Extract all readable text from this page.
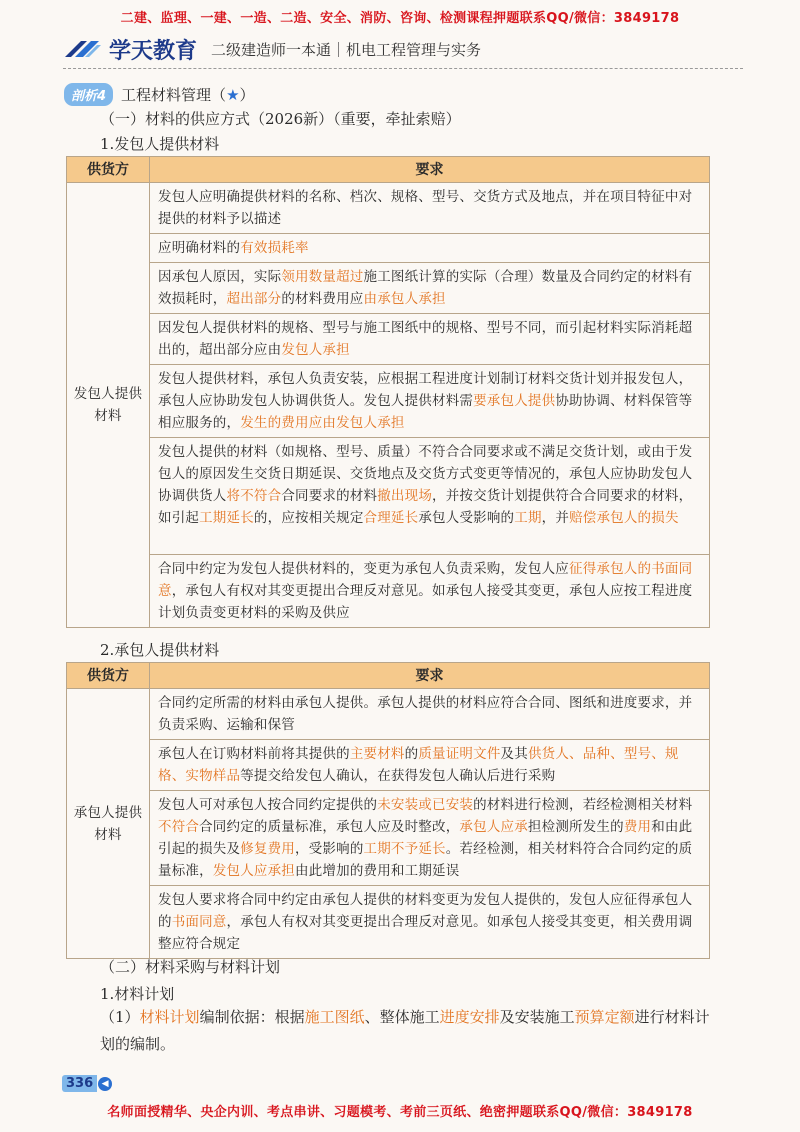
二建、监理、一建、一造、二造、安全、消防、咨询、检测课程押题联系QQ/微信：3849178
学天教育 二级建造师一本通｜机电工程管理与实务
剖析4	工程材料管理（ ★ ）
（一）材料的供应方式（2026新）（重要，牵扯索赔）
1.发包人提供材料
供货方	要求
发包人提供材料	发包人应明确提供材料的名称、档次、规格、型号、交货方式及地点，并在项目特征中对提供的材料予以描述
	应明确材料的有效损耗率
	因承包人原因，实际领用数量超过施工图纸计算的实际（合理）数量及合同约定的材料有效损耗时，超出部分的材料费用应由承包人承担
	因发包人提供材料的规格、型号与施工图纸中的规格、型号不同，而引起材料实际消耗超出的，超出部分应由发包人承担
	发包人提供材料，承包人负责安装，应根据工程进度计划制订材料交货计划并报发包人，承包人应协助发包人协调供货人。发包人提供材料需要承包人提供协助协调、材料保管等相应服务的，发生的费用应由发包人承担
	发包人提供的材料（如规格、型号、质量）不符合合同要求或不满足交货计划，或由于发包人的原因发生交货日期延误、交货地点及交货方式变更等情况的，承包人应协助发包人协调供货人将不符合合同要求的材料撤出现场，并按交货计划提供符合合同要求的材料，如引起工期延长的，应按相关规定合理延长承包人受影响的工期，并赔偿承包人的损失
	合同中约定为发包人提供材料的，变更为承包人负责采购，发包人应征得承包人的书面同意，承包人有权对其变更提出合理反对意见。如承包人接受其变更，承包人应按工程进度计划负责变更材料的采购及供应
2.承包人提供材料
供货方	要求
承包人提供材料	合同约定所需的材料由承包人提供。承包人提供的材料应符合合同、图纸和进度要求，并负责采购、运输和保管
	承包人在订购材料前将其提供的主要材料的质量证明文件及其供货人、品种、型号、规格、实物样品等提交给发包人确认，在获得发包人确认后进行采购
	发包人可对承包人按合同约定提供的未安装或已安装的材料进行检测，若经检测相关材料不符合合同约定的质量标准，承包人应及时整改，承包人应承担检测所发生的费用和由此引起的损失及修复费用，受影响的工期不予延长。若经检测，相关材料符合合同约定的质量标准，发包人应承担由此增加的费用和工期延误
	发包人要求将合同中约定由承包人提供的材料变更为发包人提供的，发包人应征得承包人的书面同意，承包人有权对其变更提出合理反对意见。如承包人接受其变更，相关费用调整应符合规定
（二）材料采购与材料计划
1.材料计划
（1）材料计划编制依据：根据施工图纸、整体施工进度安排及安装施工预算定额进行材料计划的编制。
336 ◀
名师面授精华、央企内训、考点串讲、习题模考、考前三页纸、绝密押题联系QQ/微信：3849178
